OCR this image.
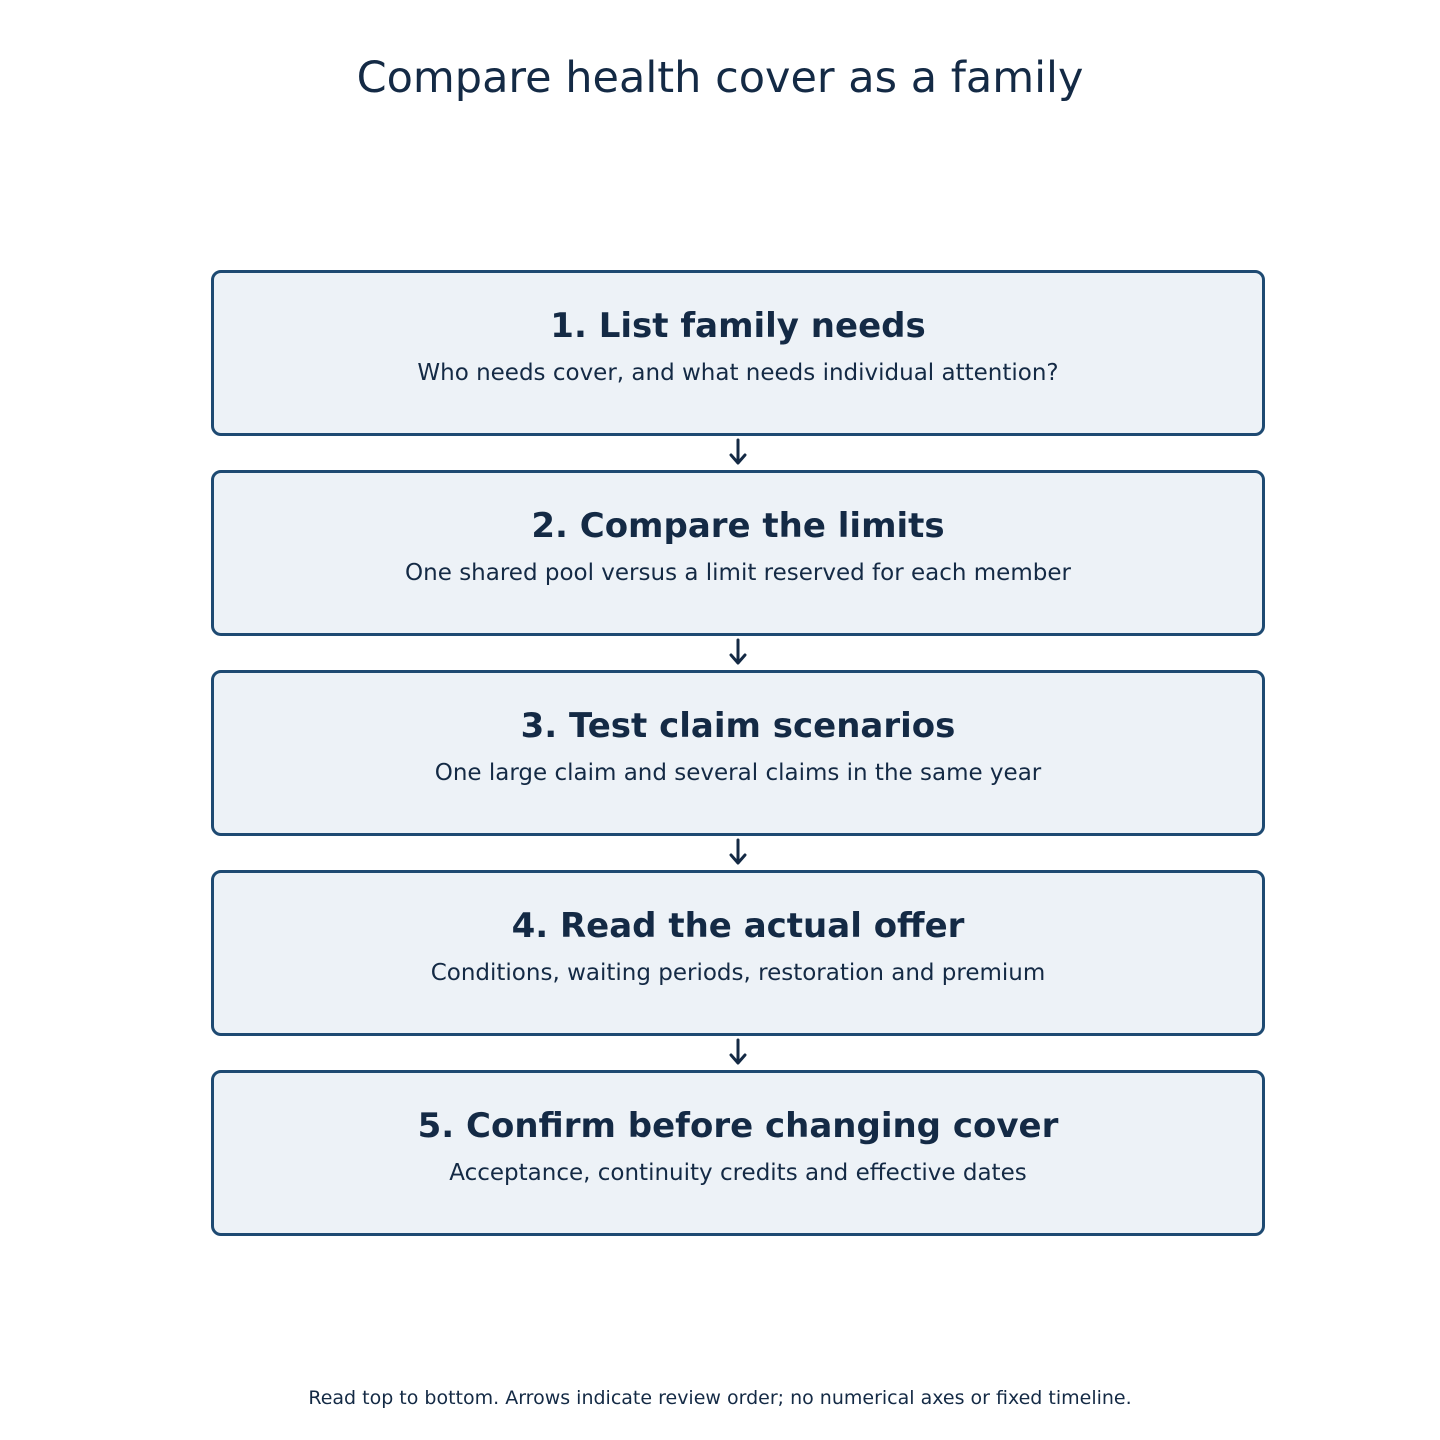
Compare health cover as a family
1. List family needs
Who needs cover, and what needs individual attention?
2. Compare the limits
One shared pool versus a limit reserved for each member
3. Test claim scenarios
One large claim and several claims in the same year
4. Read the actual offer
Conditions, waiting periods, restoration and premium
5. Confirm before changing cover
Acceptance, continuity credits and effective dates
Read top to bottom. Arrows indicate review order; no numerical axes or fixed timeline.
